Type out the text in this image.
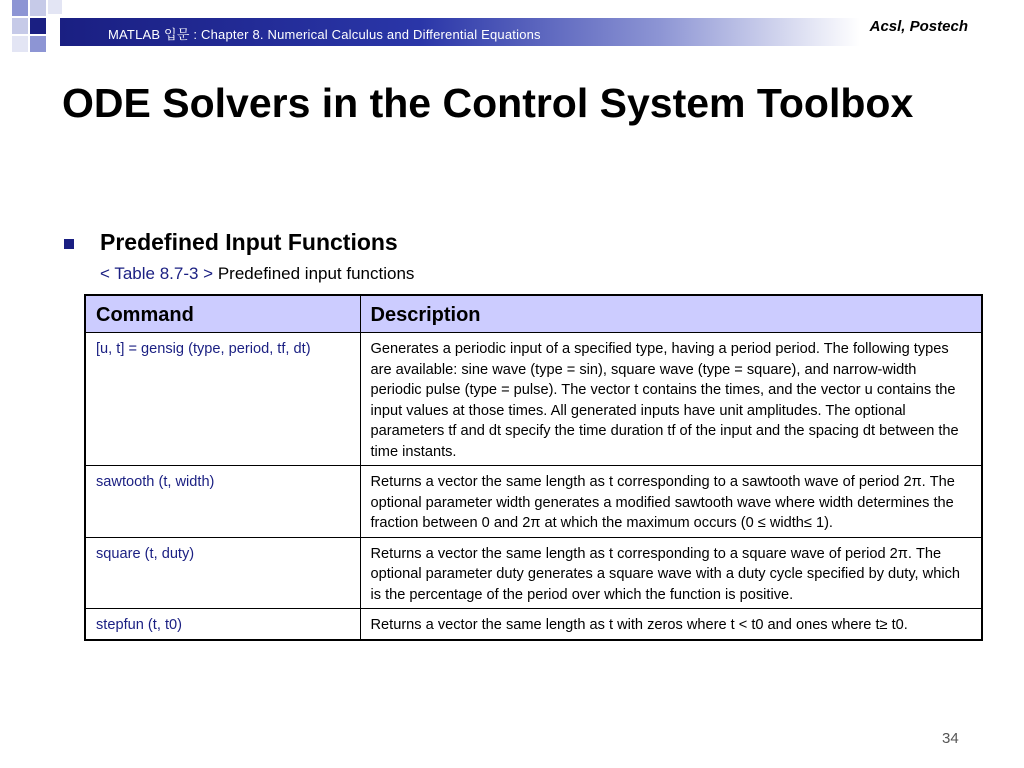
MATLAB 입문 : Chapter 8. Numerical Calculus and Differential Equations	Acsl, Postech
ODE Solvers in the Control System Toolbox
Predefined Input Functions
< Table 8.7-3 > Predefined input functions
Command	Description
[u, t] = gensig (type, period, tf, dt)	Generates a periodic input of a specified type, having a period period. The following types are available: sine wave (type = sin), square wave (type = square), and narrow-width periodic pulse (type = pulse). The vector t contains the times, and the vector u contains the input values at those times. All generated inputs have unit amplitudes. The optional parameters tf and dt specify the time duration tf of the input and the spacing dt between the time instants.
sawtooth (t, width)	Returns a vector the same length as t corresponding to a sawtooth wave of period 2π. The optional parameter width generates a modified sawtooth wave where width determines the fraction between 0 and 2π at which the maximum occurs (0 ≤ width≤ 1).
square (t, duty)	Returns a vector the same length as t corresponding to a square wave of period 2π. The optional parameter duty generates a square wave with a duty cycle specified by duty, which is the percentage of the period over which the function is positive.
stepfun (t, t0)	Returns a vector the same length as t with zeros where t < t0 and ones where t≥ t0.
34
